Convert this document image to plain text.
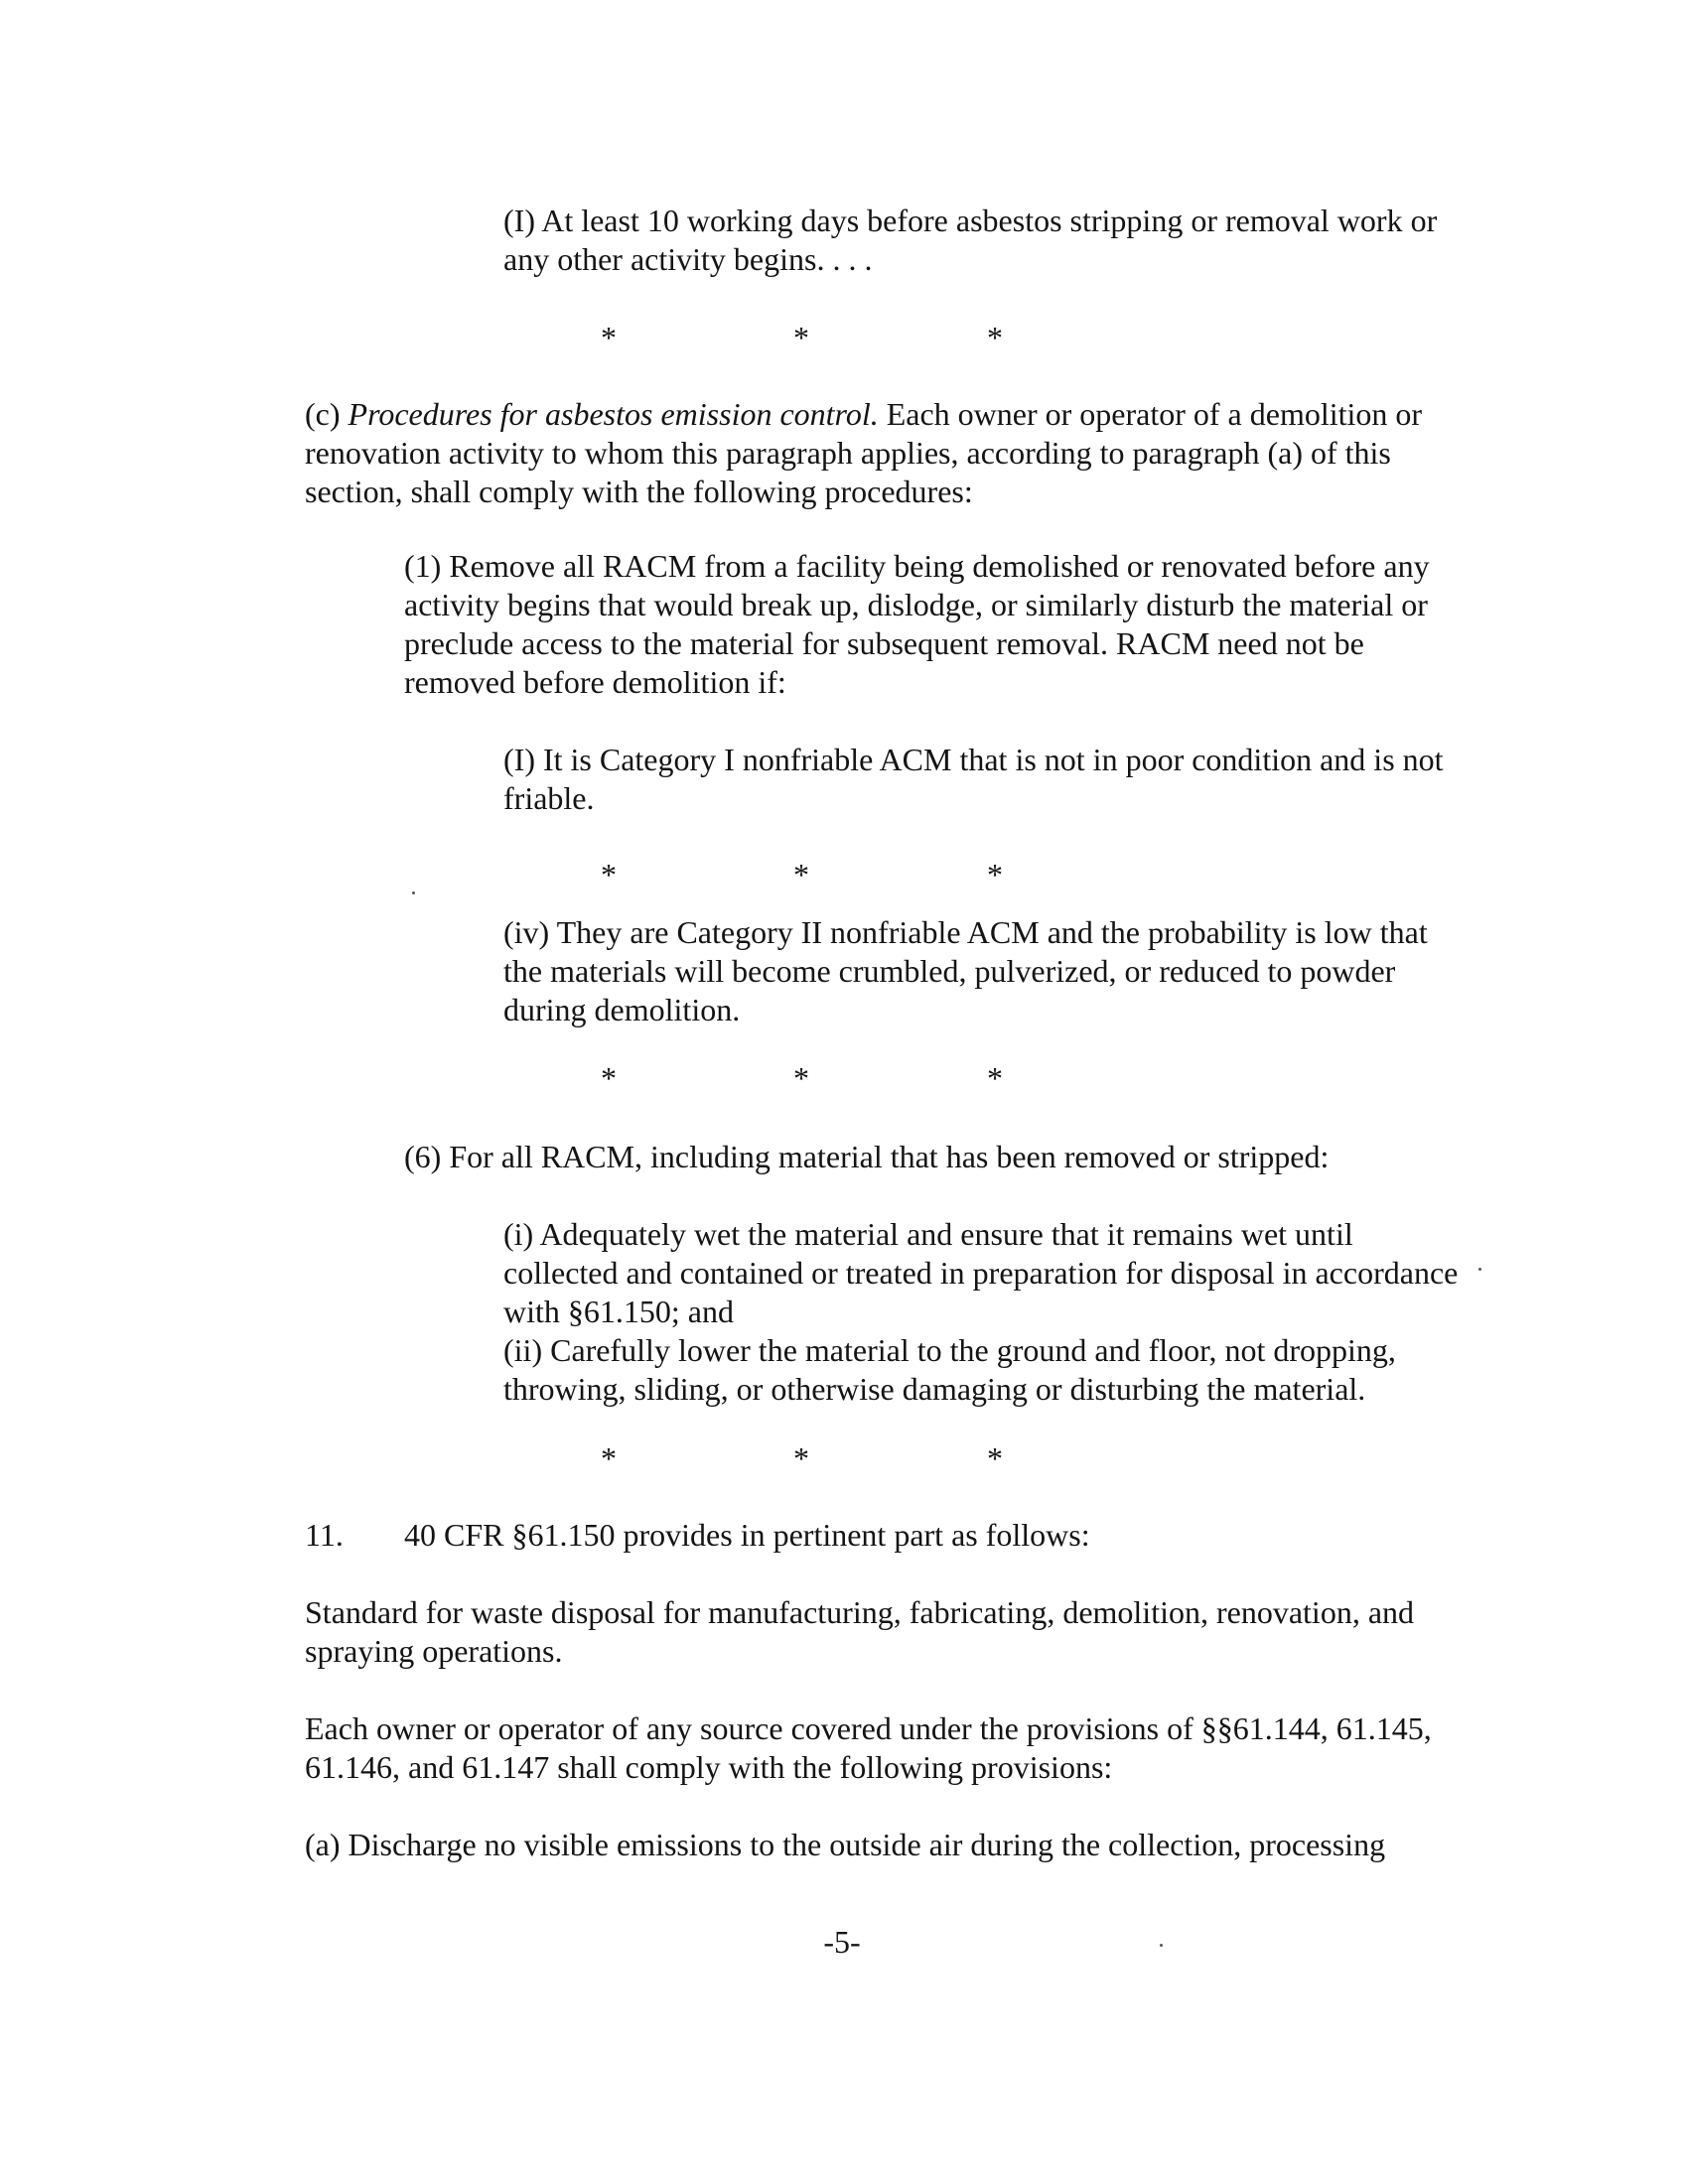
(I) At least 10 working days before asbestos stripping or removal work or
any other activity begins. . . .
*	*	*
(c) Procedures for asbestos emission control. Each owner or operator of a demolition or
renovation activity to whom this paragraph applies, according to paragraph (a) of this
section, shall comply with the following procedures:
(1) Remove all RACM from a facility being demolished or renovated before any
activity begins that would break up, dislodge, or similarly disturb the material or
preclude access to the material for subsequent removal. RACM need not be
removed before demolition if:
(I) It is Category I nonfriable ACM that is not in poor condition and is not
friable.
*	*	*
(iv) They are Category II nonfriable ACM and the probability is low that
the materials will become crumbled, pulverized, or reduced to powder
during demolition.
*	*	*
(6) For all RACM, including material that has been removed or stripped:
(i) Adequately wet the material and ensure that it remains wet until
collected and contained or treated in preparation for disposal in accordance
with §61.150; and
(ii) Carefully lower the material to the ground and floor, not dropping,
throwing, sliding, or otherwise damaging or disturbing the material.
*	*	*
11. 40 CFR §61.150 provides in pertinent part as follows:
Standard for waste disposal for manufacturing, fabricating, demolition, renovation, and
spraying operations.
Each owner or operator of any source covered under the provisions of §§61.144, 61.145,
61.146, and 61.147 shall comply with the following provisions:
(a) Discharge no visible emissions to the outside air during the collection, processing
-5-
